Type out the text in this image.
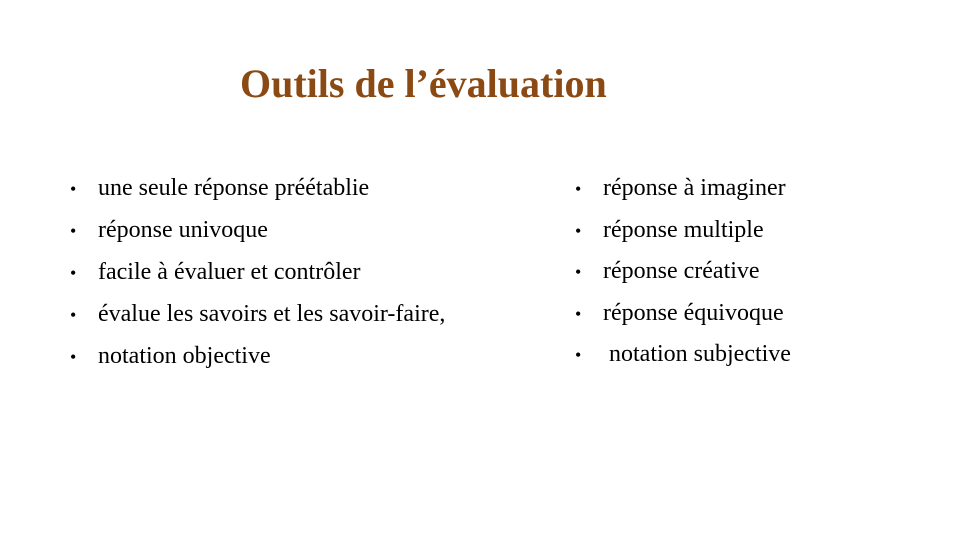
Outils de l’évaluation
• une seule réponse préétablie
• réponse univoque
• facile à évaluer et contrôler
• évalue les savoirs et les savoir-faire,
• notation objective
• réponse à imaginer
• réponse multiple
• réponse créative
• réponse équivoque
• notation subjective
